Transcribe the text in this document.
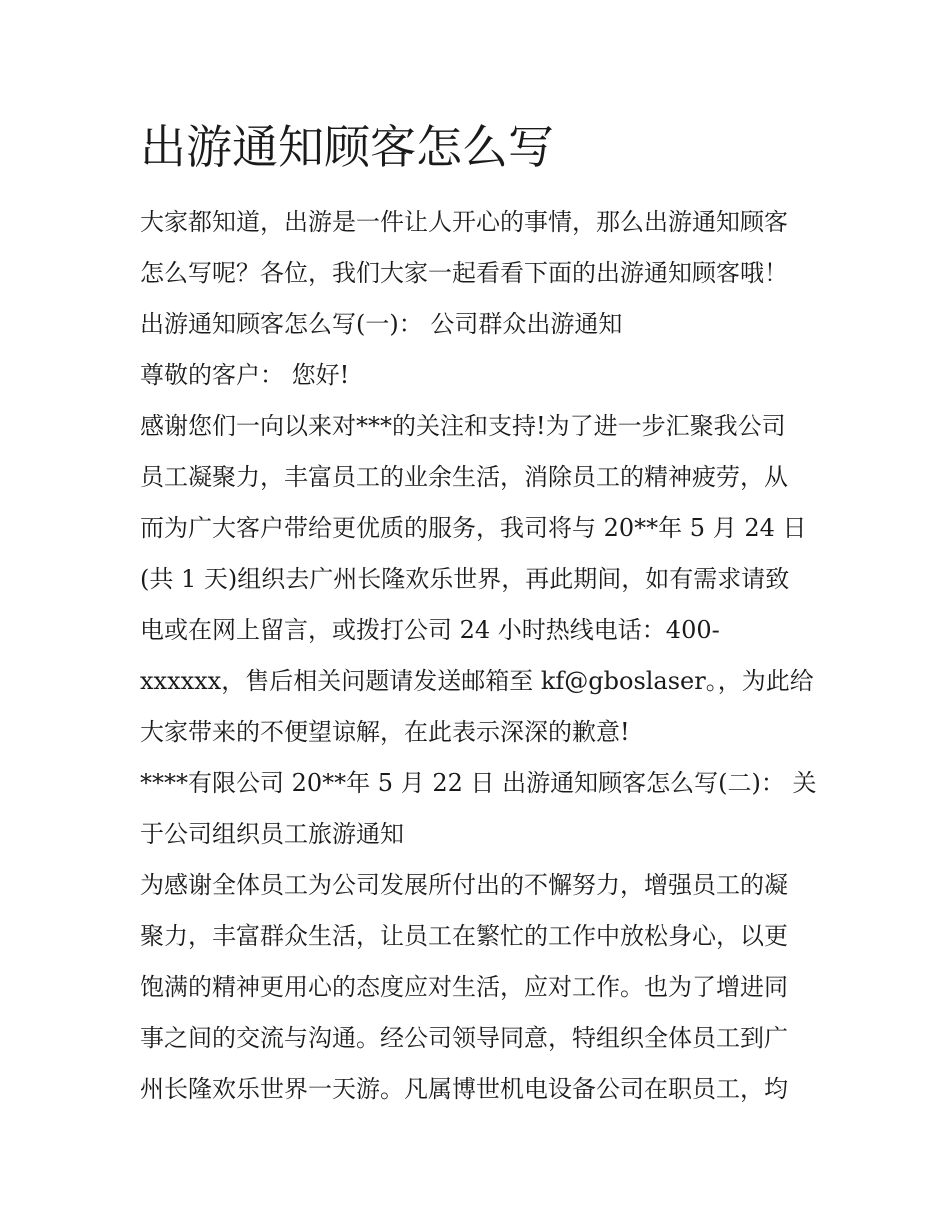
出游通知顾客怎么写

大家都知道，出游是一件让人开心的事情，那么出游通知顾客

怎么写呢？各位，我们大家一起看看下面的出游通知顾客哦！

出游通知顾客怎么写(一)： 公司群众出游通知

尊敬的客户： 您好!

感谢您们一向以来对***的关注和支持!为了进一步汇聚我公司

员工凝聚力，丰富员工的业余生活，消除员工的精神疲劳，从

而为广大客户带给更优质的服务，我司将与 20**年 5 月 24 日

(共 1 天)组织去广州长隆欢乐世界，再此期间，如有需求请致

电或在网上留言，或拨打公司 24 小时热线电话：400-

xxxxxx，售后相关问题请发送邮箱至 kf@gboslaser。，为此给

大家带来的不便望谅解，在此表示深深的歉意!

****有限公司 20**年 5 月 22 日 出游通知顾客怎么写(二)： 关

于公司组织员工旅游通知

为感谢全体员工为公司发展所付出的不懈努力，增强员工的凝

聚力，丰富群众生活，让员工在繁忙的工作中放松身心，以更

饱满的精神更用心的态度应对生活，应对工作。也为了增进同

事之间的交流与沟通。经公司领导同意，特组织全体员工到广

州长隆欢乐世界一天游。凡属博世机电设备公司在职员工，均
